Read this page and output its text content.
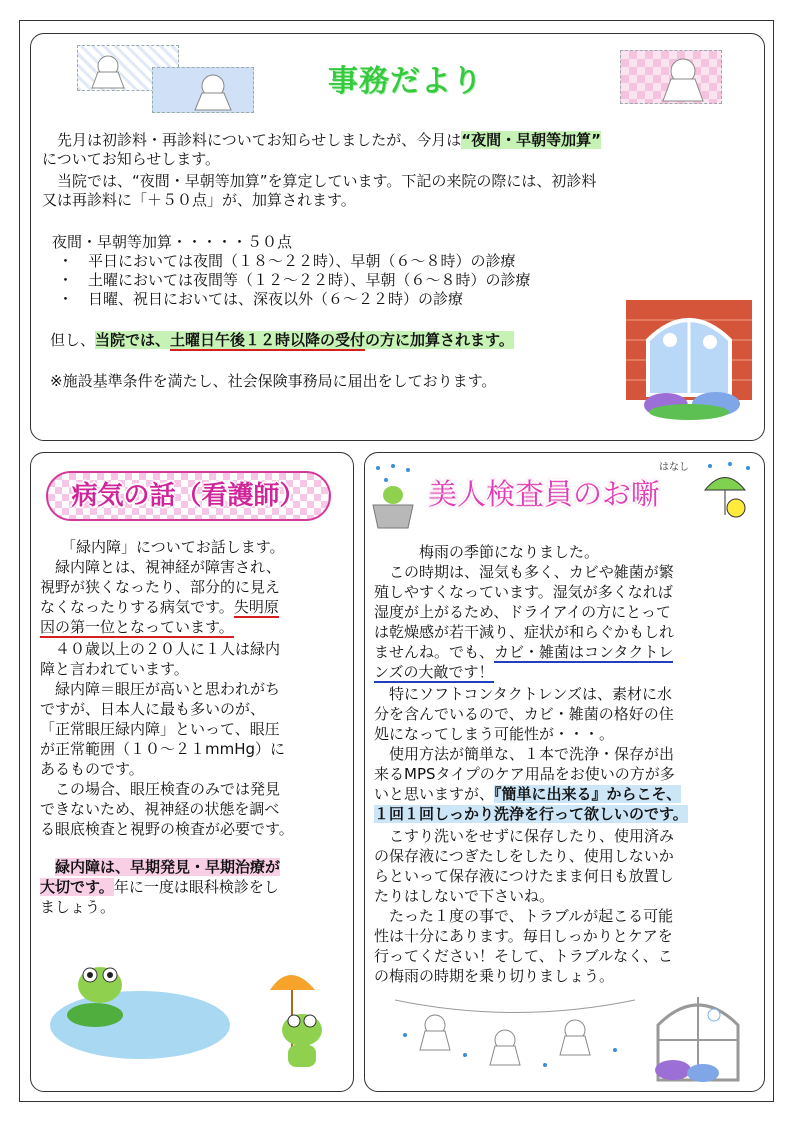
事務だより

　先月は初診料・再診料についてお知らせしましたが、今月は“夜間・早朝等加算”

についてお知らせします。

　当院では、“夜間・早朝等加算”を算定しています。下記の来院の際には、初診料

又は再診料に「＋５０点」が、加算されます。

夜間・早朝等加算・・・・・５０点

・　平日においては夜間（１８～２２時）、早朝（６～８時）の診療

・　土曜においては夜間等（１２～２２時）、早朝（６～８時）の診療

・　日曜、祝日においては、深夜以外（６～２２時）の診療

但し、当院では、土曜日午後１２時以降の受付の方に加算されます。

※施設基準条件を満たし、社会保険事務局に届出をしております。

病気の話（看護師）

「緑内障」についてお話します。

　緑内障とは、視神経が障害され、

視野が狭くなったり、部分的に見え

なくなったりする病気です。失明原

因の第一位となっています。

　４０歳以上の２０人に１人は緑内

障と言われています。

　緑内障＝眼圧が高いと思われがち

ですが、日本人に最も多いのが、

「正常眼圧緑内障」といって、眼圧

が正常範囲（１０～２１mmHg）に

あるものです。

　この場合、眼圧検査のみでは発見

できないため、視神経の状態を調べ

る眼底検査と視野の検査が必要です。

　緑内障は、早期発見・早期治療が

大切です。年に一度は眼科検診をし

ましょう。

美人検査員のお噺
はなし

　　　梅雨の季節になりました。

　この時期は、湿気も多く、カビや雑菌が繁

殖しやすくなっています。湿気が多くなれば

湿度が上がるため、ドライアイの方にとって

は乾燥感が若干減り、症状が和らぐかもしれ

ませんね。でも、カビ・雑菌はコンタクトレ

ンズの大敵です！

　特にソフトコンタクトレンズは、素材に水

分を含んでいるので、カビ・雑菌の格好の住

処になってしまう可能性が・・・。

　使用方法が簡単な、１本で洗浄・保存が出

来るMPSタイプのケア用品をお使いの方が多

いと思いますが、『簡単に出来る』からこそ、

１回１回しっかり洗浄を行って欲しいのです。

　こすり洗いをせずに保存したり、使用済み

の保存液につぎたしをしたり、使用しないか

らといって保存液につけたまま何日も放置し

たりはしないで下さいね。

　たった１度の事で、トラブルが起こる可能

性は十分にあります。毎日しっかりとケアを

行ってください！そして、トラブルなく、こ

の梅雨の時期を乗り切りましょう。
